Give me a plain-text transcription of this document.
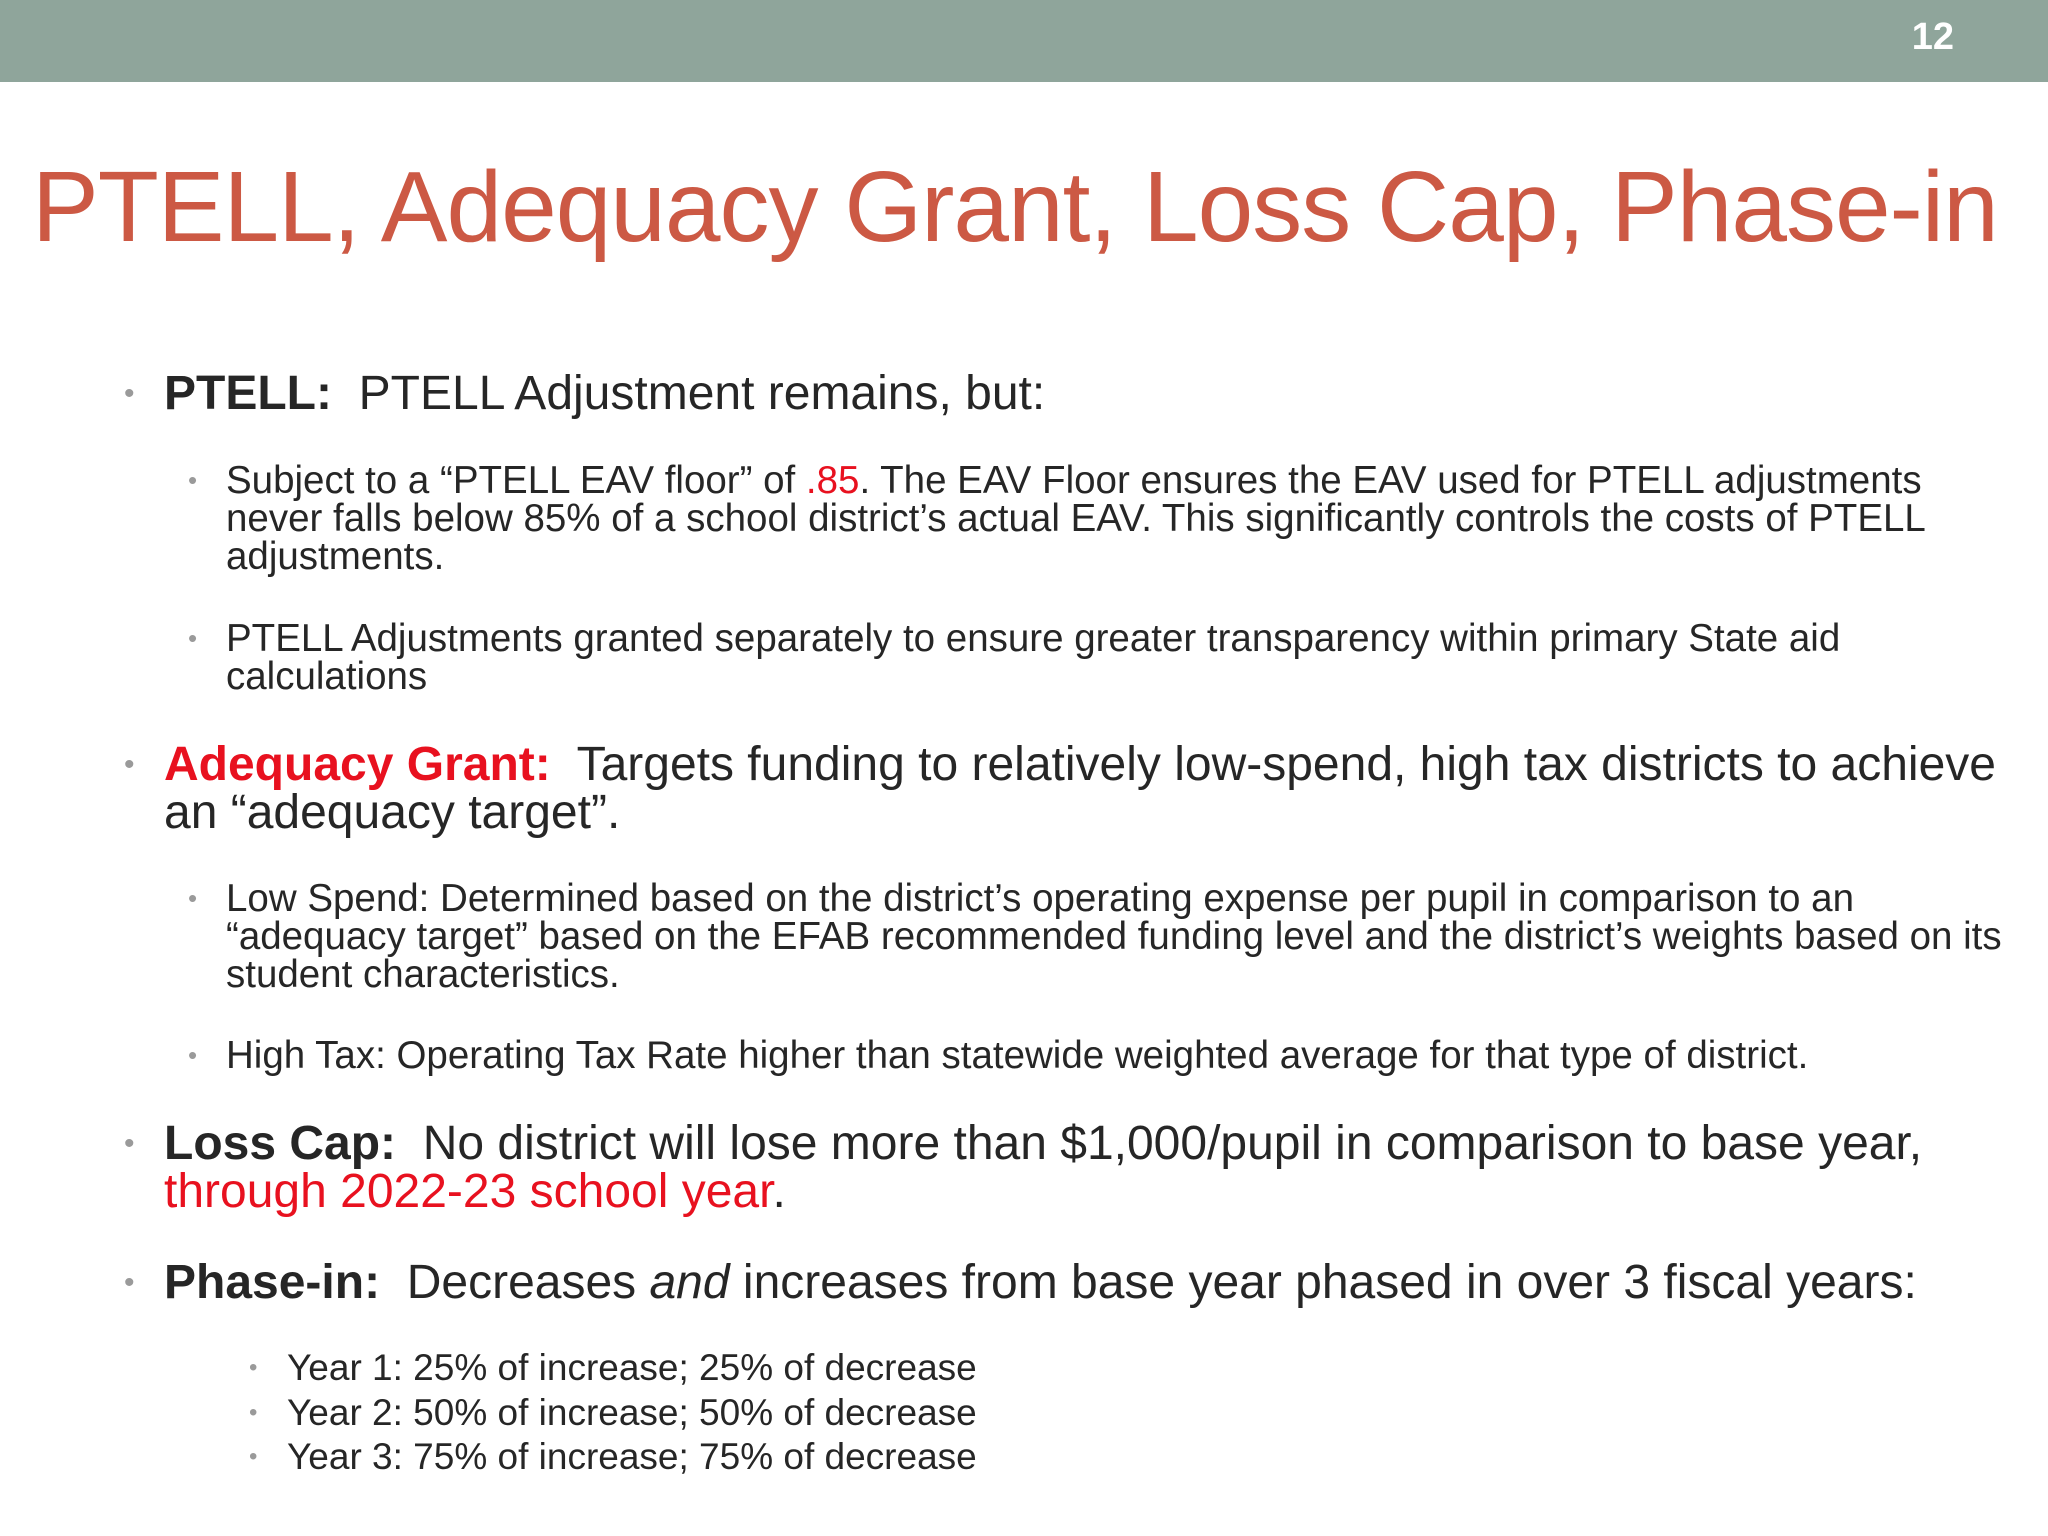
12
PTELL, Adequacy Grant, Loss Cap, Phase-in
• PTELL: PTELL Adjustment remains, but:
• Subject to a “PTELL EAV floor” of .85. The EAV Floor ensures the EAV used for PTELL adjustments never falls below 85% of a school district’s actual EAV. This significantly controls the costs of PTELL adjustments.
• PTELL Adjustments granted separately to ensure greater transparency within primary State aid calculations
• Adequacy Grant: Targets funding to relatively low-spend, high tax districts to achieve an “adequacy target”.
• Low Spend: Determined based on the district’s operating expense per pupil in comparison to an “adequacy target” based on the EFAB recommended funding level and the district’s weights based on its student characteristics.
• High Tax: Operating Tax Rate higher than statewide weighted average for that type of district.
• Loss Cap: No district will lose more than $1,000/pupil in comparison to base year,
through 2022-23 school year.
• Phase-in: Decreases and increases from base year phased in over 3 fiscal years:
• Year 1: 25% of increase; 25% of decrease
• Year 2: 50% of increase; 50% of decrease
• Year 3: 75% of increase; 75% of decrease
